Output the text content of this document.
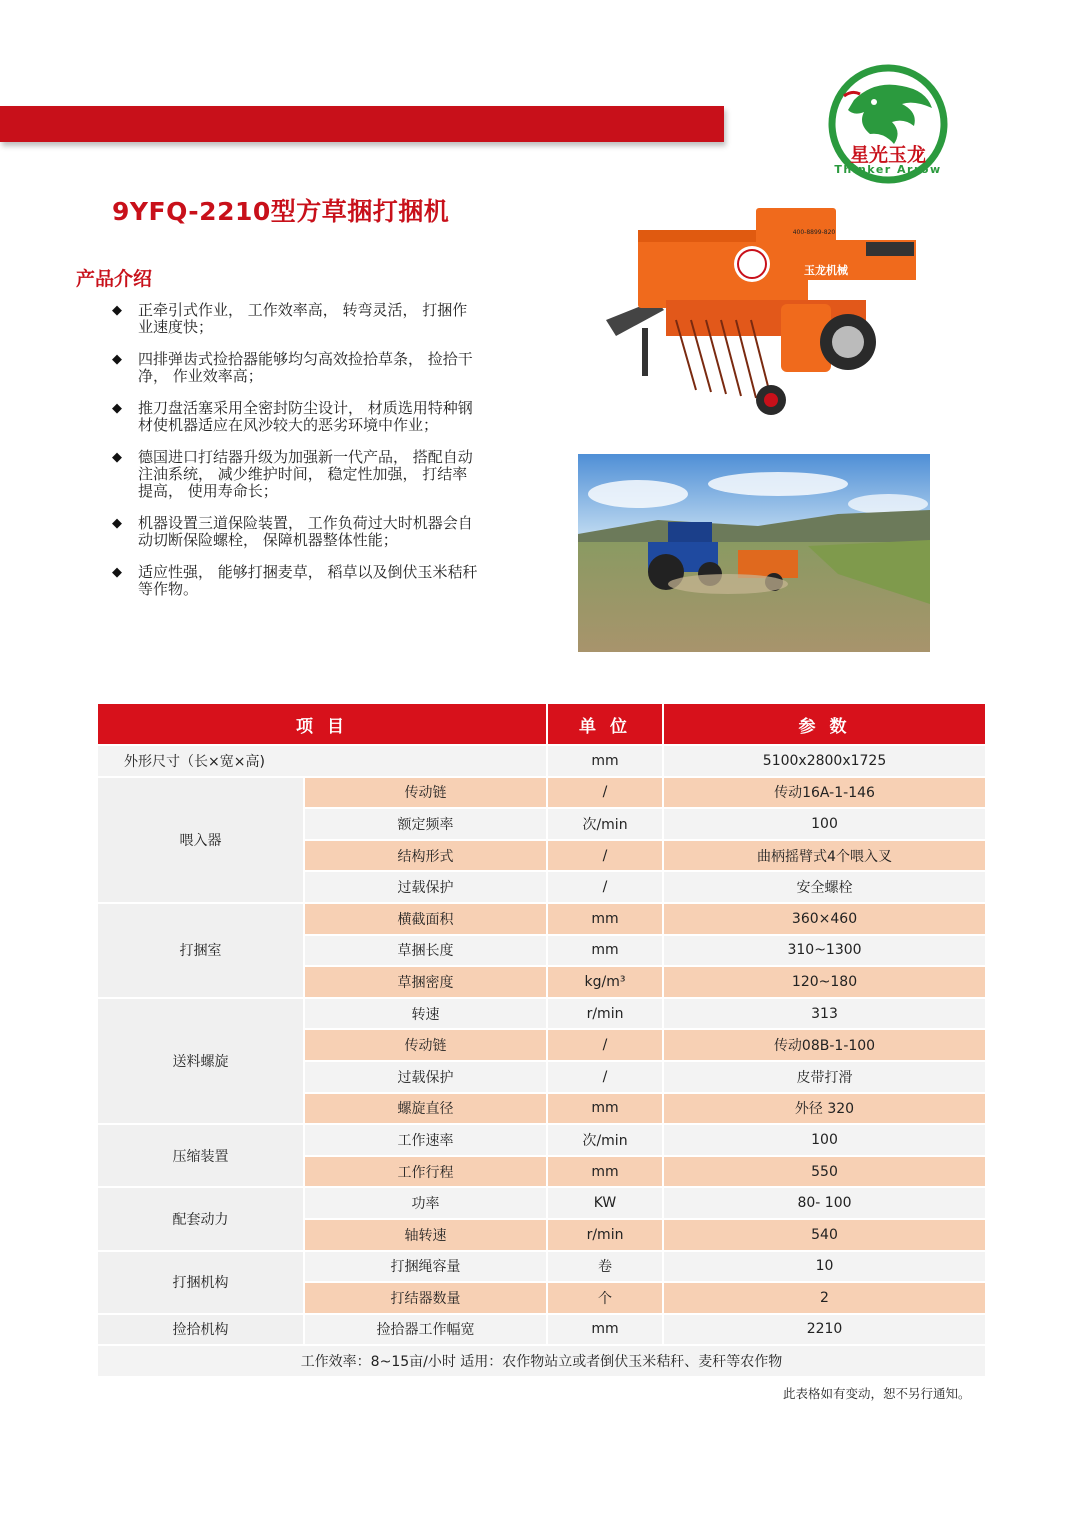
星光玉龙
Thinker Arrow
9YFQ-2210型方草捆打捆机
产品介绍
◆	正牵引式作业， 工作效率高， 转弯灵活， 打捆作业速度快；
◆	四排弹齿式捡拾器能够均匀高效捡拾草条， 捡拾干净， 作业效率高；
◆	推刀盘活塞采用全密封防尘设计， 材质选用特种钢材使机器适应在风沙较大的恶劣环境中作业；
◆	德国进口打结器升级为加强新一代产品， 搭配自动注油系统， 减少维护时间， 稳定性加强， 打结率提高， 使用寿命长；
◆	机器设置三道保险装置， 工作负荷过大时机器会自动切断保险螺栓， 保障机器整体性能；
◆	适应性强， 能够打捆麦草， 稻草以及倒伏玉米秸秆等作物。
玉龙机械
400-8899-820
项 目		单 位	参 数
外形尺寸（长×宽×高)		mm	5100x2800x1725
喂入器	传动链	/	传动16A-1-146
	额定频率	次/min	100
	结构形式	/	曲柄摇臂式4个喂入叉
	过载保护	/	安全螺栓
打捆室	横截面积	mm	360×460
	草捆长度	mm	310~1300
	草捆密度	kg/m³	120~180
送料螺旋	转速	r/min	313
	传动链	/	传动08B-1-100
	过载保护	/	皮带打滑
	螺旋直径	mm	外径 320
压缩装置	工作速率	次/min	100
	工作行程	mm	550
配套动力	功率	KW	80- 100
	轴转速	r/min	540
打捆机构	打捆绳容量	卷	10
	打结器数量	个	2
捡拾机构	捡拾器工作幅宽	mm	2210
工作效率：8~15亩/小时 适用：农作物站立或者倒伏玉米秸秆、麦秆等农作物			
此表格如有变动，恕不另行通知。
